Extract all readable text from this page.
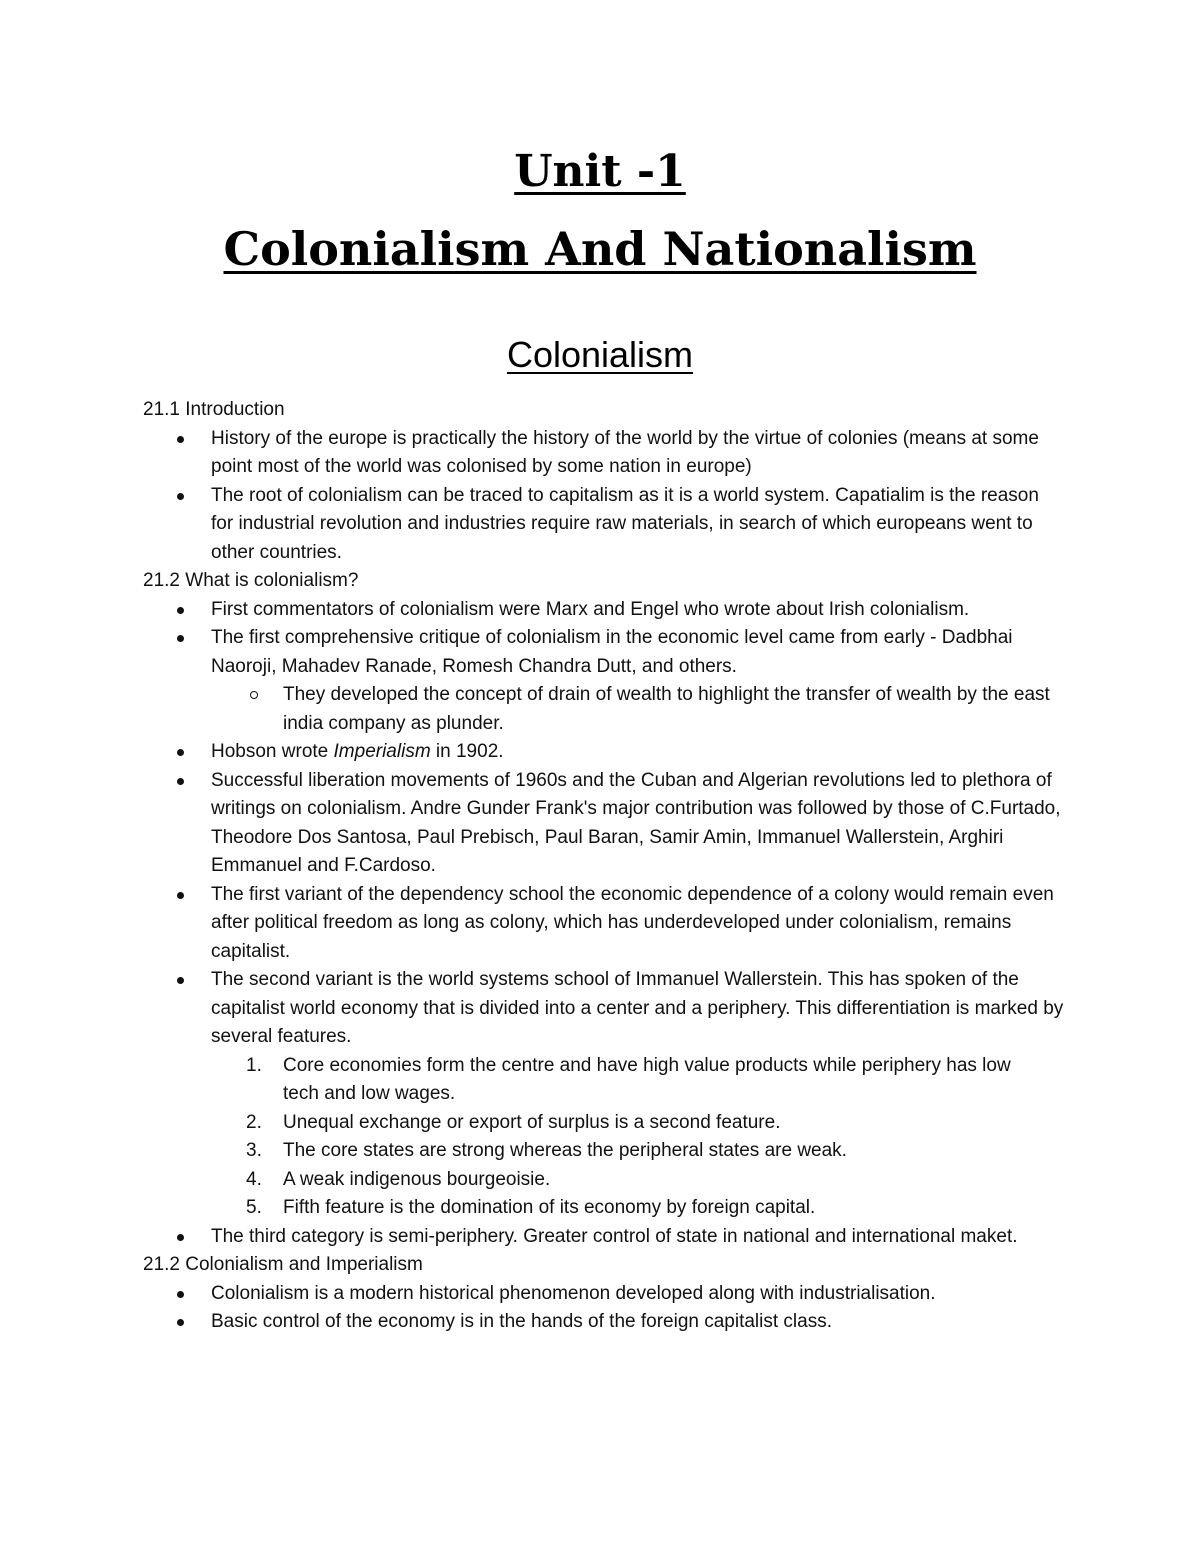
Unit -1
Colonialism And Nationalism
Colonialism

21.1 Introduction

History of the europe is practically the history of the world by the virtue of colonies (means at some point most of the world was colonised by some nation in europe)
The root of colonialism can be traced to capitalism as it is a world system. Capatialim is the reason for industrial revolution and industries require raw materials, in search of which europeans went to other countries.

21.2 What is colonialism?

First commentators of colonialism were Marx and Engel who wrote about Irish colonialism.
The first comprehensive critique of colonialism in the economic level came from early - Dadbhai Naoroji, Mahadev Ranade, Romesh Chandra Dutt, and others.
They developed the concept of drain of wealth to highlight the transfer of wealth by the east india company as plunder.
Hobson wrote Imperialism in 1902.
Successful liberation movements of 1960s and the Cuban and Algerian revolutions led to plethora of writings on colonialism. Andre Gunder Frank's major contribution was followed by those of C.Furtado, Theodore Dos Santosa, Paul Prebisch, Paul Baran, Samir Amin, Immanuel Wallerstein, Arghiri Emmanuel and F.Cardoso.
The first variant of the dependency school the economic dependence of a colony would remain even after political freedom as long as colony, which has underdeveloped under colonialism, remains capitalist.
The second variant is the world systems school of Immanuel Wallerstein. This has spoken of the capitalist world economy that is divided into a center and a periphery. This differentiation is marked by several features.
1. Core economies form the centre and have high value products while periphery has low tech and low wages.
2. Unequal exchange or export of surplus is a second feature.
3. The core states are strong whereas the peripheral states are weak.
4. A weak indigenous bourgeoisie.
5. Fifth feature is the domination of its economy by foreign capital.
The third category is semi-periphery. Greater control of state in national and international maket.

21.2 Colonialism and Imperialism

Colonialism is a modern historical phenomenon developed along with industrialisation.
Basic control of the economy is in the hands of the foreign capitalist class.
